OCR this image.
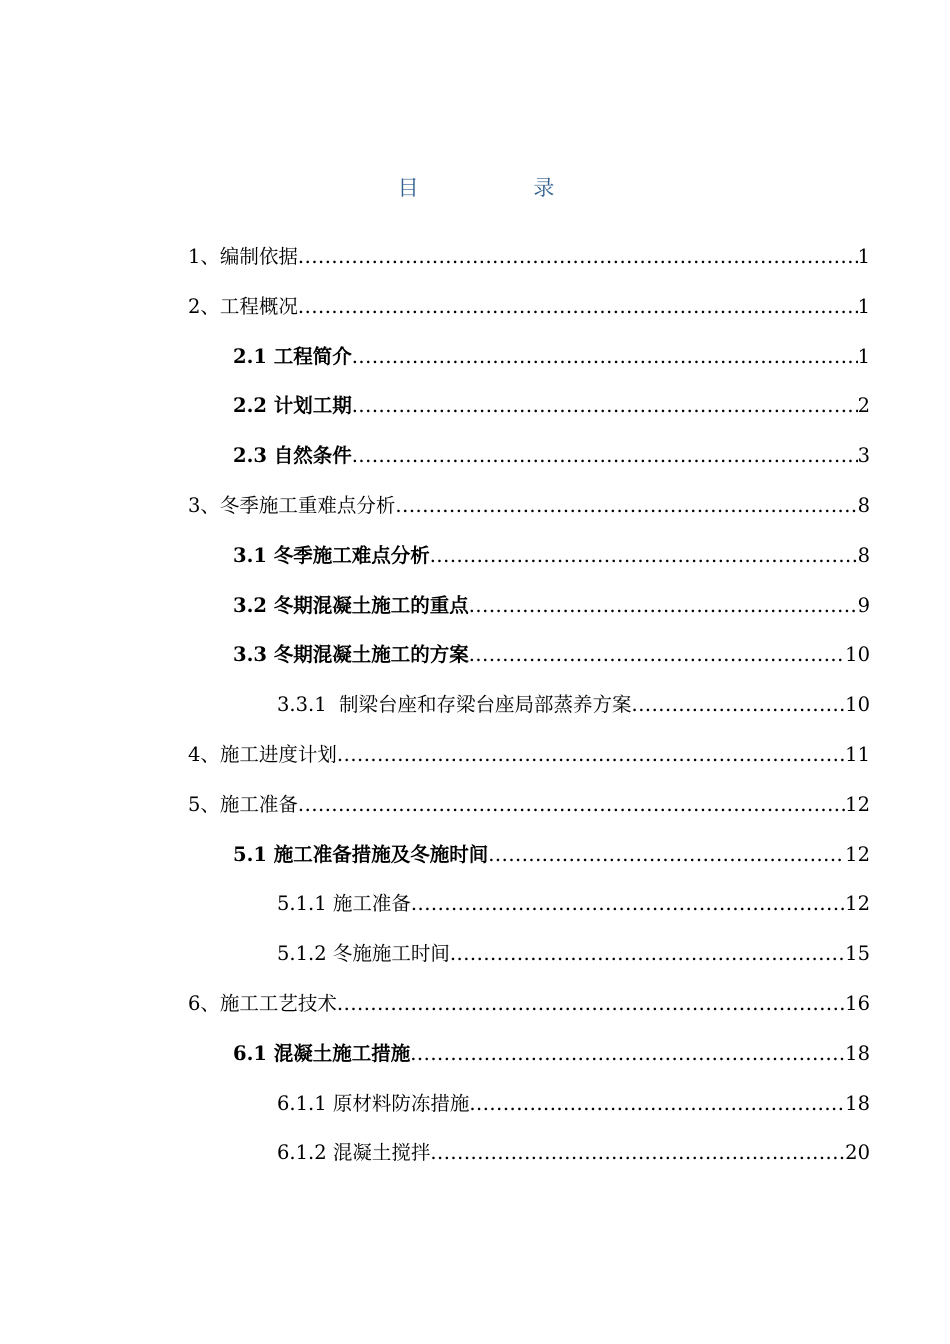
目 录
1、编制依据 .....	1
2、工程概况 .....	1
2.1 工程简介 .....	1
2.2 计划工期 .....	2
2.3 自然条件 .....	3
3、冬季施工重难点分析 .....	8
3.1 冬季施工难点分析 .....	8
3.2 冬期混凝土施工的重点 .....	9
3.3 冬期混凝土施工的方案 .....	10
3.3.1  制梁台座和存梁台座局部蒸养方案 .....	10
4、施工进度计划 .....	11
5、施工准备 .....	12
5.1 施工准备措施及冬施时间 .....	12
5.1.1 施工准备 .....	12
5.1.2 冬施施工时间 .....	15
6、施工工艺技术 .....	16
6.1 混凝土施工措施 .....	18
6.1.1 原材料防冻措施 .....	18
6.1.2 混凝土搅拌 .....	20
